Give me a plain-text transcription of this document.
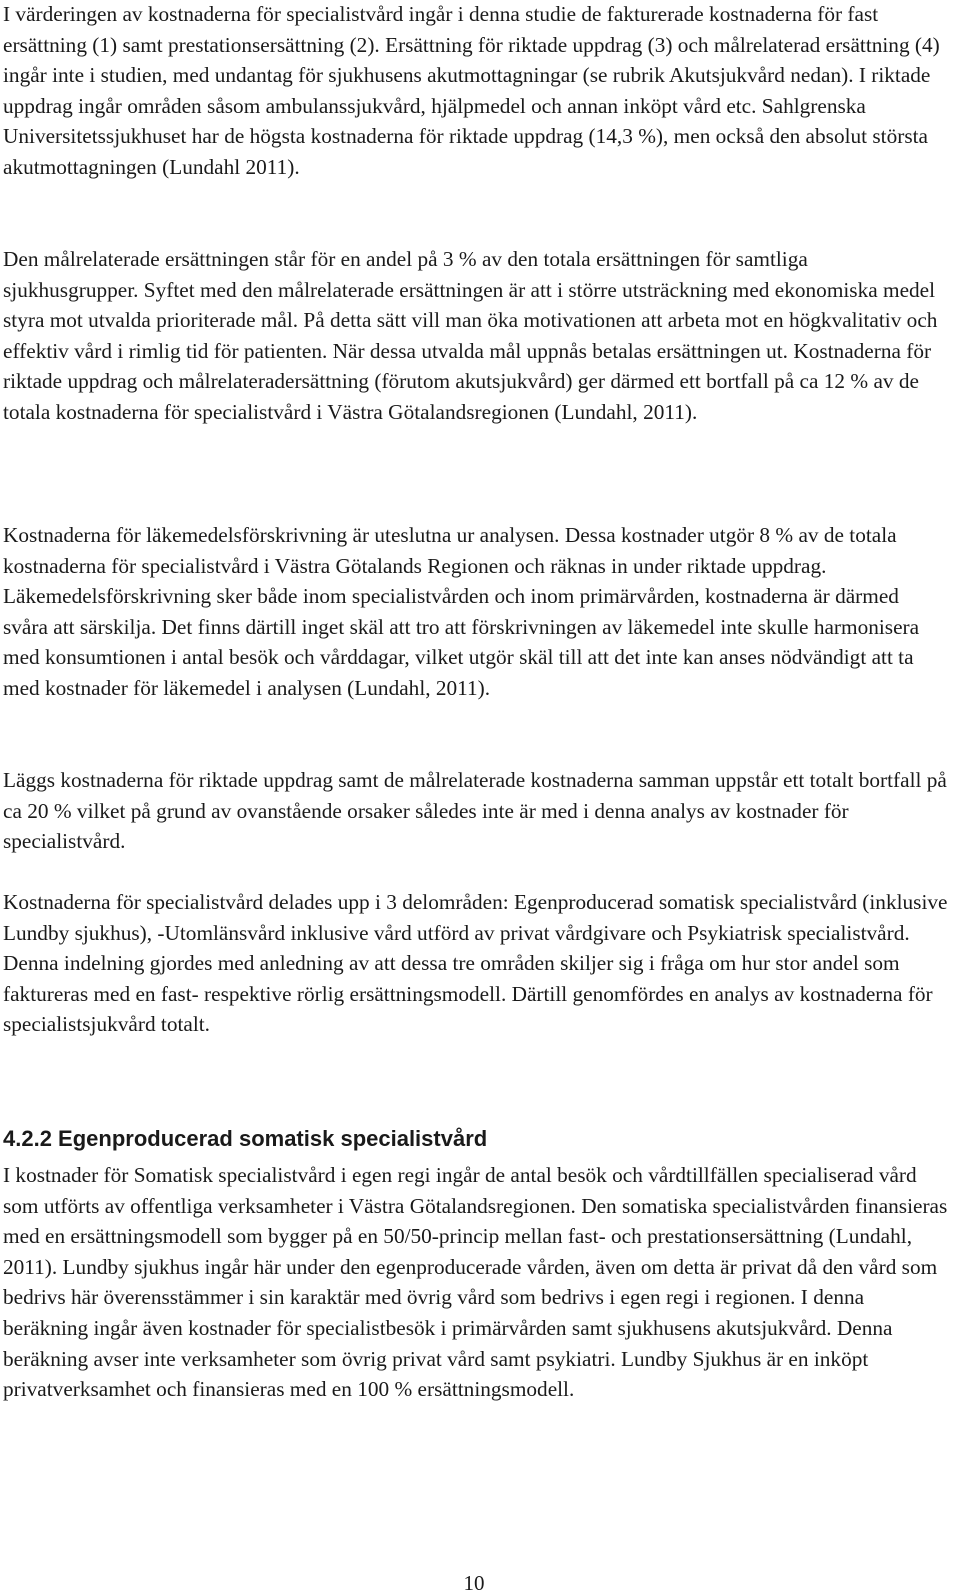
I värderingen av kostnaderna för specialistvård ingår i denna studie de fakturerade kostnaderna för fast ersättning (1) samt prestationsersättning (2). Ersättning för riktade uppdrag (3) och målrelaterad ersättning (4) ingår inte i studien, med undantag för sjukhusens akutmottagningar (se rubrik Akutsjukvård nedan). I riktade uppdrag ingår områden såsom ambulanssjukvård, hjälpmedel och annan inköpt vård etc. Sahlgrenska Universitetssjukhuset har de högsta kostnaderna för riktade uppdrag (14,3 %), men också den absolut största akutmottagningen (Lundahl 2011).

Den målrelaterade ersättningen står för en andel på 3 % av den totala ersättningen för samtliga sjukhusgrupper. Syftet med den målrelaterade ersättningen är att i större utsträckning med ekonomiska medel styra mot utvalda prioriterade mål. På detta sätt vill man öka motivationen att arbeta mot en högkvalitativ och effektiv vård i rimlig tid för patienten. När dessa utvalda mål uppnås betalas ersättningen ut. Kostnaderna för riktade uppdrag och målrelateradersättning (förutom akutsjukvård) ger därmed ett bortfall på ca 12 % av de totala kostnaderna för specialistvård i Västra Götalandsregionen (Lundahl, 2011).

Kostnaderna för läkemedelsförskrivning är uteslutna ur analysen. Dessa kostnader utgör 8 % av de totala kostnaderna för specialistvård i Västra Götalands Regionen och räknas in under riktade uppdrag. Läkemedelsförskrivning sker både inom specialistvården och inom primärvården, kostnaderna är därmed svåra att särskilja. Det finns därtill inget skäl att tro att förskrivningen av läkemedel inte skulle harmonisera med konsumtionen i antal besök och vårddagar, vilket utgör skäl till att det inte kan anses nödvändigt att ta med kostnader för läkemedel i analysen (Lundahl, 2011).

Läggs kostnaderna för riktade uppdrag samt de målrelaterade kostnaderna samman uppstår ett totalt bortfall på ca 20 % vilket på grund av ovanstående orsaker således inte är med i denna analys av kostnader för specialistvård.

Kostnaderna för specialistvård delades upp i 3 delområden: Egenproducerad somatisk specialistvård (inklusive Lundby sjukhus), -Utomlänsvård inklusive vård utförd av privat vårdgivare och Psykiatrisk specialistvård. Denna indelning gjordes med anledning av att dessa tre områden skiljer sig i fråga om hur stor andel som faktureras med en fast- respektive rörlig ersättningsmodell. Därtill genomfördes en analys av kostnaderna för specialistsjukvård totalt.

4.2.2 Egenproducerad somatisk specialistvård

I kostnader för Somatisk specialistvård i egen regi ingår de antal besök och vårdtillfällen specialiserad vård som utförts av offentliga verksamheter i Västra Götalandsregionen. Den somatiska specialistvården finansieras med en ersättningsmodell som bygger på en 50/50-princip mellan fast- och prestationsersättning (Lundahl, 2011). Lundby sjukhus ingår här under den egenproducerade vården, även om detta är privat då den vård som bedrivs här överensstämmer i sin karaktär med övrig vård som bedrivs i egen regi i regionen. I denna beräkning ingår även kostnader för specialistbesök i primärvården samt sjukhusens akutsjukvård. Denna beräkning avser inte verksamheter som övrig privat vård samt psykiatri. Lundby Sjukhus är en inköpt privatverksamhet och finansieras med en 100 % ersättningsmodell.

10
